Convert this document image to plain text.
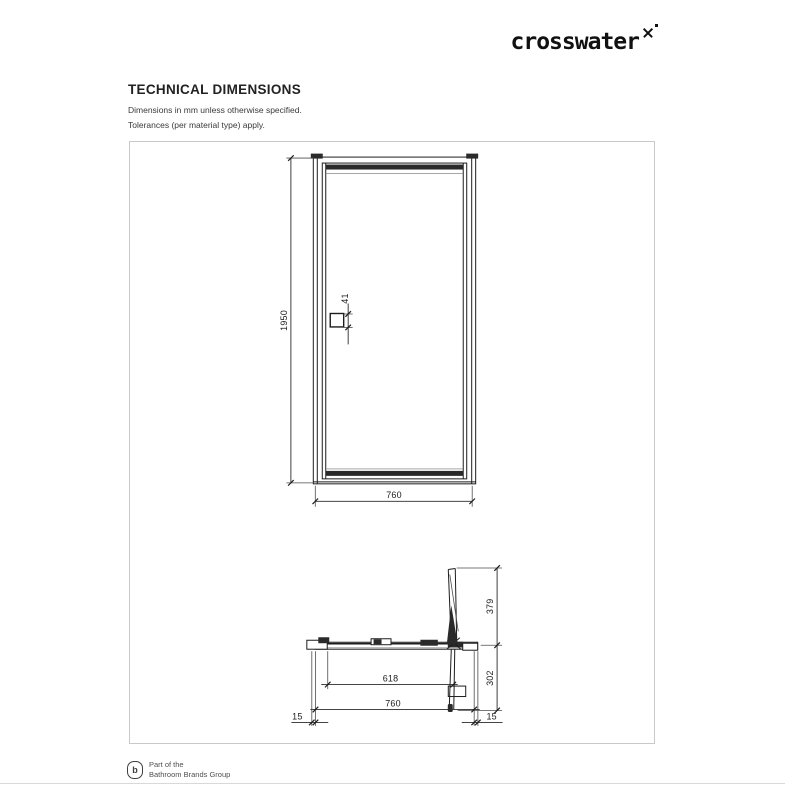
crosswater
TECHNICAL DIMENSIONS

Dimensions in mm unless otherwise specified.

Tolerances (per material type) apply.

1950
41
760
379
302
618
760
15	15
b
Part of the
Bathroom Brands Group
